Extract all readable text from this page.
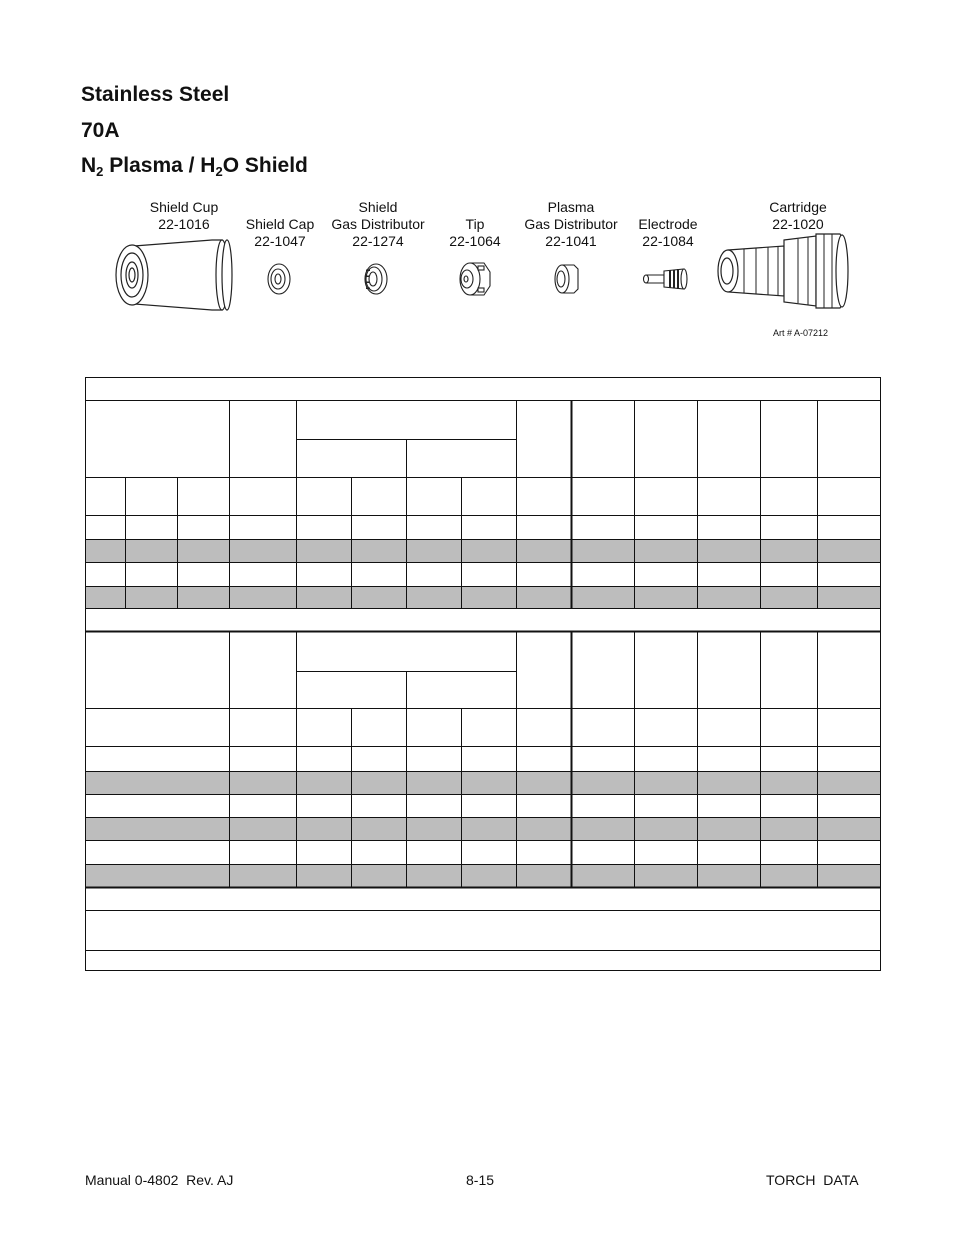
Stainless Steel
70A
$N_2$ Plasma / $H_2O$ Shield
Shield Cup
22-1016	Shield Cap
22-1047
Shield
Gas Distributor
22-1274
Tip
22-1064
Plasma
Gas Distributor
22-1041
Electrode
22-1084
Cartridge
22-1020
Art # A-07212
Manual 0-4802  Rev. AJ	8-15	TORCH  DATA
